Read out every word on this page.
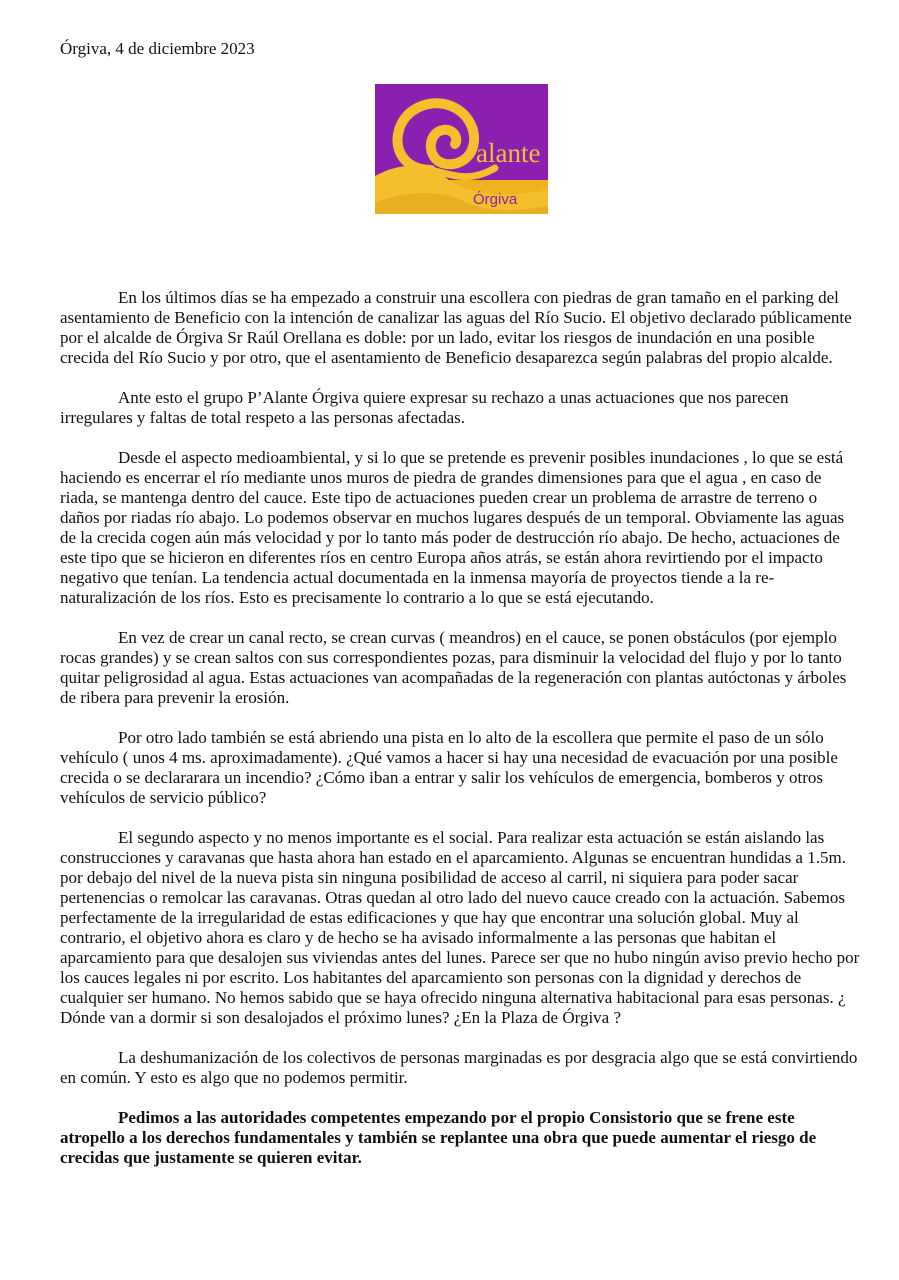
Órgiva, 4 de diciembre 2023
’alante
Órgiva

En los últimos días se ha empezado a construir una escollera con piedras de gran tamaño en el parking del asentamiento de Beneficio con la intención de canalizar las aguas del Río Sucio. El objetivo declarado públicamente por el alcalde de Órgiva Sr Raúl Orellana es doble: por un lado, evitar los riesgos de inundación en una posible crecida del Río Sucio y por otro, que el asentamiento de Beneficio desaparezca según palabras del propio alcalde.

Ante esto el grupo P’Alante Órgiva quiere expresar su rechazo a unas actuaciones que nos parecen irregulares y faltas de total respeto a las personas afectadas.

Desde el aspecto medioambiental, y si lo que se pretende es prevenir posibles inundaciones , lo que se está haciendo es encerrar el río mediante unos muros de piedra de grandes dimensiones para que el agua , en caso de riada, se mantenga dentro del cauce. Este tipo de actuaciones pueden crear un problema de arrastre de terreno o daños por riadas río abajo. Lo podemos observar en muchos lugares después de un temporal. Obviamente las aguas de la crecida cogen aún más velocidad y por lo tanto más poder de destrucción río abajo. De hecho, actuaciones de este tipo que se hicieron en diferentes ríos en centro Europa años atrás, se están ahora revirtiendo por el impacto negativo que tenían. La tendencia actual documentada en la inmensa mayoría de proyectos tiende a la re-naturalización de los ríos. Esto es precisamente lo contrario a lo que se está ejecutando.

En vez de crear un canal recto, se crean curvas ( meandros) en el cauce, se ponen obstáculos (por ejemplo rocas grandes) y se crean saltos con sus correspondientes pozas, para disminuir la velocidad del flujo y por lo tanto quitar peligrosidad al agua. Estas actuaciones van acompañadas de la regeneración con plantas autóctonas y árboles de ribera para prevenir la erosión.

Por otro lado también se está abriendo una pista en lo alto de la escollera que permite el paso de un sólo vehículo ( unos 4 ms. aproximadamente). ¿Qué vamos a hacer si hay una necesidad de evacuación por una posible crecida o se declararara un incendio? ¿Cómo iban a entrar y salir los vehículos de emergencia, bomberos y otros vehículos de servicio público?

El segundo aspecto y no menos importante es el social. Para realizar esta actuación se están aislando las construcciones y caravanas que hasta ahora han estado en el aparcamiento. Algunas se encuentran hundidas a 1.5m. por debajo del nivel de la nueva pista sin ninguna posibilidad de acceso al carril, ni siquiera para poder sacar pertenencias o remolcar las caravanas. Otras quedan al otro lado del nuevo cauce creado con la actuación. Sabemos perfectamente de la irregularidad de estas edificaciones y que hay que encontrar una solución global. Muy al contrario, el objetivo ahora es claro y de hecho se ha avisado informalmente a las personas que habitan el aparcamiento para que desalojen sus viviendas antes del lunes. Parece ser que no hubo ningún aviso previo hecho por los cauces legales ni por escrito. Los habitantes del aparcamiento son personas con la dignidad y derechos de cualquier ser humano. No hemos sabido que se haya ofrecido ninguna alternativa habitacional para esas personas. ¿ Dónde van a dormir si son desalojados el próximo lunes? ¿En la Plaza de Órgiva ?

La deshumanización de los colectivos de personas marginadas es por desgracia algo que se está convirtiendo en común. Y esto es algo que no podemos permitir.

Pedimos a las autoridades competentes empezando por el propio Consistorio que se frene este atropello a los derechos fundamentales y también se replantee una obra que puede aumentar el riesgo de crecidas que justamente se quieren evitar.
